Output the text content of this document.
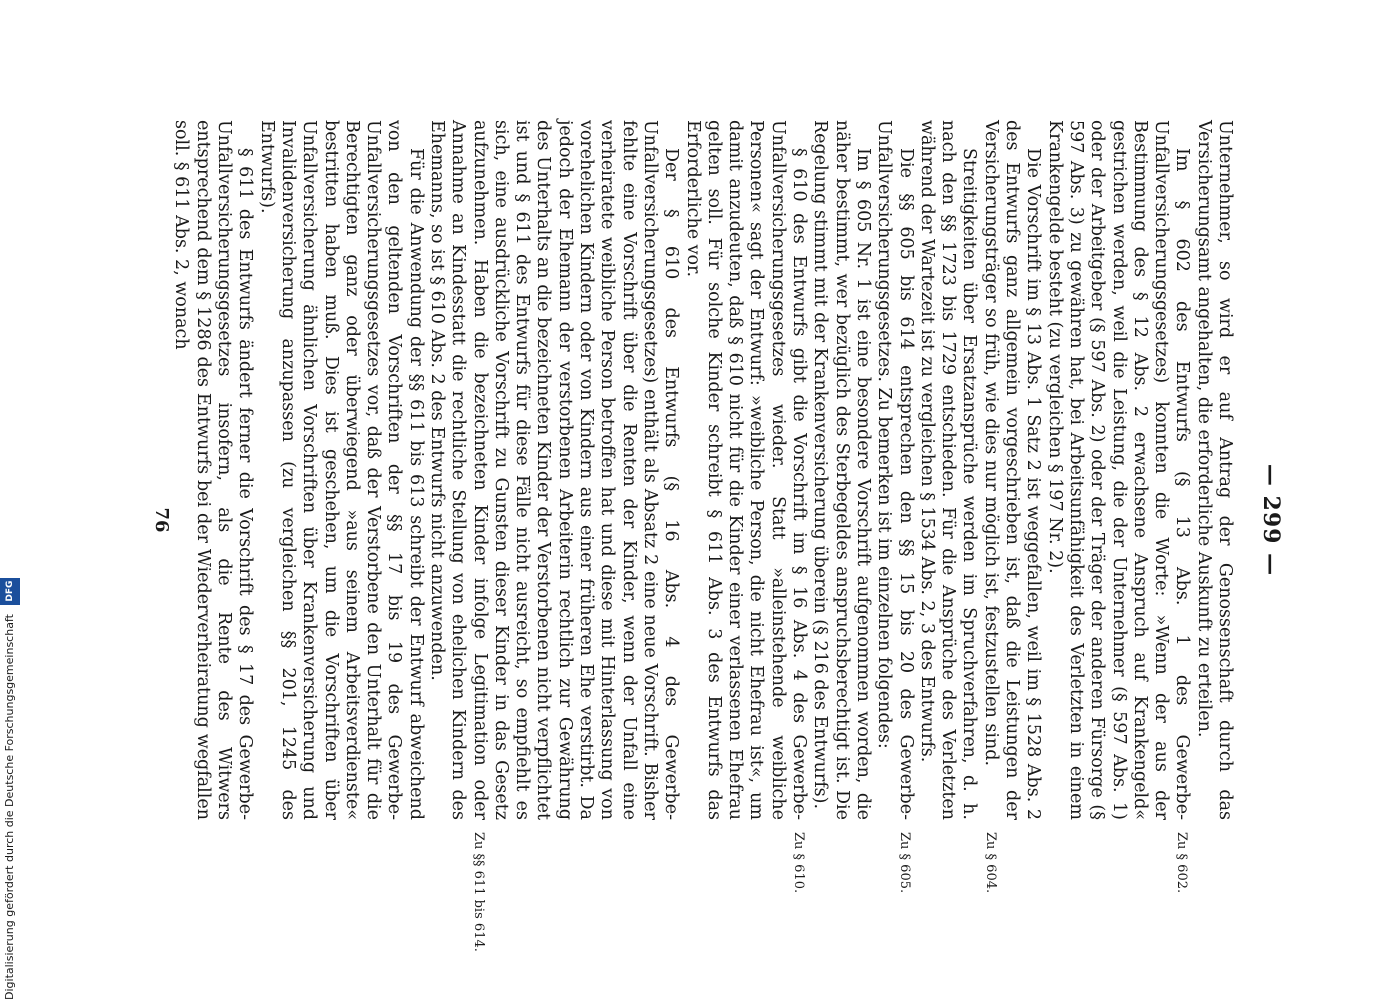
— 299 —

Unternehmer, so wird er auf Antrag der Genossenschaft durch das Versicherungsamt angehalten, die erforderliche Auskunft zu erteilen.

Im § 602 des Entwurfs (§ 13 Abs. 1 des Gewerbe-Unfallversicherungsgesetzes) konnten die Worte: »Wenn der aus der Bestimmung des § 12 Abs. 2 erwachsene Anspruch auf Krankengeld« gestrichen werden, weil die Leistung, die der Unternehmer (§ 597 Abs. 1) oder der Arbeitgeber (§ 597 Abs. 2) oder der Träger der anderen Fürsorge (§ 597 Abs. 3) zu gewähren hat, bei Arbeitsunfähigkeit des Verletzten in einem Krankengelde besteht (zu vergleichen § 197 Nr. 2).

Die Vorschrift im § 13 Abs. 1 Satz 2 ist weggefallen, weil im § 1528 Abs. 2 des Entwurfs ganz allgemein vorgeschrieben ist, daß die Leistungen der Versicherungsträger so früh, wie dies nur möglich ist, festzustellen sind.

Streitigkeiten über Ersatzansprüche werden im Spruchverfahren, d. h. nach den §§ 1723 bis 1729 entschieden. Für die Ansprüche des Verletzten während der Wartezeit ist zu vergleichen § 1534 Abs. 2, 3 des Entwurfs.

Die §§ 605 bis 614 entsprechen den §§ 15 bis 20 des Gewerbe-Unfallversicherungsgesetzes. Zu bemerken ist im einzelnen folgendes:

Im § 605 Nr. 1 ist eine besondere Vorschrift aufgenommen worden, die näher bestimmt, wer bezüglich des Sterbegeldes anspruchsberechtigt ist. Die Regelung stimmt mit der Krankenversicherung überein (§ 216 des Entwurfs).

§ 610 des Entwurfs gibt die Vorschrift im § 16 Abs. 4 des Gewerbe-Unfallversicherungsgesetzes wieder. Statt »alleinstehende weibliche Personen« sagt der Entwurf: »weibliche Person, die nicht Ehefrau ist«, um damit anzudeuten, daß § 610 nicht für die Kinder einer verlassenen Ehefrau gelten soll. Für solche Kinder schreibt § 611 Abs. 3 des Entwurfs das Erforderliche vor.

Der § 610 des Entwurfs (§ 16 Abs. 4 des Gewerbe-Unfallversicherungsgesetzes) enthält als Absatz 2 eine neue Vorschrift. Bisher fehlte eine Vorschrift über die Renten der Kinder, wenn der Unfall eine verheiratete weibliche Person betroffen hat und diese mit Hinterlassung von vorehelichen Kindern oder von Kindern aus einer früheren Ehe verstirbt. Da jedoch der Ehemann der verstorbenen Arbeiterin rechtlich zur Gewährung des Unterhalts an die bezeichneten Kinder der Verstorbenen nicht verpflichtet ist und § 611 des Entwurfs für diese Fälle nicht ausreicht, so empfiehlt es sich, eine ausdrückliche Vorschrift zu Gunsten dieser Kinder in das Gesetz aufzunehmen. Haben die bezeichneten Kinder infolge Legitimation oder Annahme an Kindesstatt die rechtliche Stellung von ehelichen Kindern des Ehemanns, so ist § 610 Abs. 2 des Entwurfs nicht anzuwenden.

Für die Anwendung der §§ 611 bis 613 schreibt der Entwurf abweichend von den geltenden Vorschriften der §§ 17 bis 19 des Gewerbe-Unfallversicherungsgesetzes vor, daß der Verstorbene den Unterhalt für die Berechtigten ganz oder überwiegend »aus seinem Arbeitsverdienste« bestritten haben muß. Dies ist geschehen, um die Vorschriften über Unfallversicherung ähnlichen Vorschriften über Krankenversicherung und Invalidenversicherung anzupassen (zu vergleichen §§ 201, 1245 des Entwurfs).

§ 611 des Entwurfs ändert ferner die Vorschrift des § 17 des Gewerbe-Unfallversicherungsgesetzes insofern, als die Rente des Witwers entsprechend dem § 1286 des Entwurfs bei der Wiederverheiratung wegfallen soll. § 611 Abs. 2, wonach

Zu § 602.
Zu § 604.
Zu § 605.
Zu § 610.
Zu §§ 611 bis 614.
76
Digitalisierung gefördert durch die Deutsche Forschungsgemeinschaft DFG
